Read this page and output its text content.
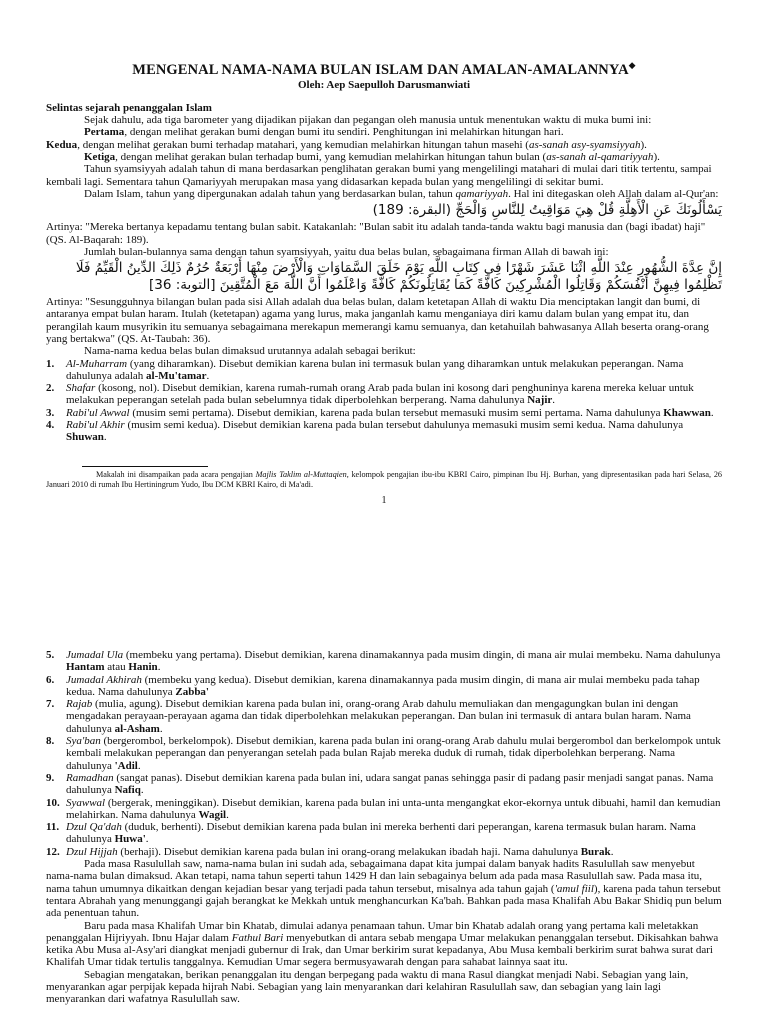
MENGENAL NAMA-NAMA BULAN ISLAM DAN AMALAN-AMALANNYA◆
Oleh: Aep Saepulloh Darusmanwiati

Selintas sejarah penanggalan Islam

Sejak dahulu, ada tiga barometer yang dijadikan pijakan dan pegangan oleh manusia untuk menentukan waktu di muka bumi ini:

Pertama, dengan melihat gerakan bumi dengan bumi itu sendiri. Penghitungan ini melahirkan hitungan hari.

Kedua, dengan melihat gerakan bumi terhadap matahari, yang kemudian melahirkan hitungan tahun masehi (as-sanah asy-syamsiyyah).

Ketiga, dengan melihat gerakan bulan terhadap bumi, yang kemudian melahirkan hitungan tahun bulan (as-sanah al-qamariyyah).

Tahun syamsiyyah adalah tahun di mana berdasarkan penglihatan gerakan bumi yang mengelilingi matahari di mulai dari titik tertentu, sampai kembali lagi. Sementara tahun Qamariyyah merupakan masa yang didasarkan kepada bulan yang mengelilingi di sekitar bumi.

Dalam Islam, tahun yang dipergunakan adalah tahun yang berdasarkan bulan, tahun qamariyyah. Hal ini ditegaskan oleh Allah dalam al-Qur'an:

يَسْأَلُونَكَ عَنِ الْأَهِلَّةِ قُلْ هِيَ مَوَاقِيتُ لِلنَّاسِ وَالْحَجِّ (البقرة: 189)

Artinya: "Mereka bertanya kepadamu tentang bulan sabit. Katakanlah: "Bulan sabit itu adalah tanda-tanda waktu bagi manusia dan (bagi ibadat) haji" (QS. Al-Baqarah: 189).

Jumlah bulan-bulannya sama dengan tahun syamsiyyah, yaitu dua belas bulan, sebagaimana firman Allah di bawah ini:

إِنَّ عِدَّةَ الشُّهُورِ عِنْدَ اللَّهِ اثْنَا عَشَرَ شَهْرًا فِي كِتَابِ اللَّهِ يَوْمَ خَلَقَ السَّمَاوَاتِ وَالْأَرْضَ مِنْهَا أَرْبَعَةٌ حُرُمٌ ذَلِكَ الدِّينُ الْقَيِّمُ فَلَا تَظْلِمُوا فِيهِنَّ أَنْفُسَكُمْ وَقَاتِلُوا الْمُشْرِكِينَ كَافَّةً كَمَا يُقَاتِلُونَكُمْ كَافَّةً وَاعْلَمُوا أَنَّ اللَّهَ مَعَ الْمُتَّقِينَ [التوبة: 36]

Artinya: "Sesungguhnya bilangan bulan pada sisi Allah adalah dua belas bulan, dalam ketetapan Allah di waktu Dia menciptakan langit dan bumi, di antaranya empat bulan haram. Itulah (ketetapan) agama yang lurus, maka janganlah kamu menganiaya diri kamu dalam bulan yang empat itu, dan perangilah kaum musyrikin itu semuanya sebagaimana merekapun memerangi kamu semuanya, dan ketahuilah bahwasanya Allah beserta orang-orang yang bertakwa" (QS. At-Taubah: 36).

Nama-nama kedua belas bulan dimaksud urutannya adalah sebagai berikut:

1. Al-Muharram (yang diharamkan). Disebut demikian karena bulan ini termasuk bulan yang diharamkan untuk melakukan peperangan. Nama dahulunya adalah al-Mu'tamar.
2. Shafar (kosong, nol). Disebut demikian, karena rumah-rumah orang Arab pada bulan ini kosong dari penghuninya karena mereka keluar untuk melakukan peperangan setelah pada bulan sebelumnya tidak diperbolehkan berperang. Nama dahulunya Najir.
3. Rabi'ul Awwal (musim semi pertama). Disebut demikian, karena pada bulan tersebut memasuki musim semi pertama. Nama dahulunya Khawwan.
4. Rabi'ul Akhir (musim semi kedua). Disebut demikian karena pada bulan tersebut dahulunya memasuki musim semi kedua. Nama dahulunya Shuwan.

Makalah ini disampaikan pada acara pengajian Majlis Taklim al-Muttaqien, kelompok pengajian ibu-ibu KBRI Cairo, pimpinan Ibu Hj. Burhan, yang dipresentasikan pada hari Selasa, 26 Januari 2010 di rumah Ibu Hertiningrum Yudo, Ibu DCM KBRI Kairo, di Ma'adi.

1

5. Jumadal Ula (membeku yang pertama). Disebut demikian, karena dinamakannya pada musim dingin, di mana air mulai membeku. Nama dahulunya Hantam atau Hanin.
6. Jumadal Akhirah (membeku yang kedua). Disebut demikian, karena dinamakannya pada musim dingin, di mana air mulai membeku pada tahap kedua. Nama dahulunya Zabba'
7. Rajab (mulia, agung). Disebut demikian karena pada bulan ini, orang-orang Arab dahulu memuliakan dan mengagungkan bulan ini dengan mengadakan perayaan-perayaan agama dan tidak diperbolehkan melakukan peperangan. Dan bulan ini termasuk di antara bulan haram. Nama dahulunya al-Asham.
8. Sya'ban (bergerombol, berkelompok). Disebut demikian, karena pada bulan ini orang-orang Arab dahulu mulai bergerombol dan berkelompok untuk kembali melakukan peperangan dan penyerangan setelah pada bulan Rajab mereka duduk di rumah, tidak diperbolehkan berperang. Nama dahulunya 'Adil.
9. Ramadhan (sangat panas). Disebut demikian karena pada bulan ini, udara sangat panas sehingga pasir di padang pasir menjadi sangat panas. Nama dahulunya Nafiq.
10. Syawwal (bergerak, meninggikan). Disebut demikian, karena pada bulan ini unta-unta mengangkat ekor-ekornya untuk dibuahi, hamil dan kemudian melahirkan. Nama dahulunya Wagil.
11. Dzul Qa'dah (duduk, berhenti). Disebut demikian karena pada bulan ini mereka berhenti dari peperangan, karena termasuk bulan haram. Nama dahulunya Huwa'.
12. Dzul Hijjah (berhaji). Disebut demikian karena pada bulan ini orang-orang melakukan ibadah haji. Nama dahulunya Burak.

Pada masa Rasulullah saw, nama-nama bulan ini sudah ada, sebagaimana dapat kita jumpai dalam banyak hadits Rasulullah saw menyebut nama-nama bulan dimaksud. Akan tetapi, nama tahun seperti tahun 1429 H dan lain sebagainya belum ada pada masa Rasulullah saw. Pada masa itu, nama tahun umumnya dikaitkan dengan kejadian besar yang terjadi pada tahun tersebut, misalnya ada tahun gajah ('amul fiil), karena pada tahun tersebut tentara Abrahah yang menunggangi gajah berangkat ke Mekkah untuk menghancurkan Ka'bah. Bahkan pada masa Khalifah Abu Bakar Shidiq pun belum ada penentuan tahun.

Baru pada masa Khalifah Umar bin Khatab, dimulai adanya penamaan tahun. Umar bin Khatab adalah orang yang pertama kali meletakkan penanggalan Hijriyyah. Ibnu Hajar dalam Fathul Bari menyebutkan di antara sebab mengapa Umar melakukan penanggalan tersebut. Dikisahkan bahwa ketika Abu Musa al-Asy'ari diangkat menjadi gubernur di Irak, dan Umar berkirim surat kepadanya, Abu Musa kembali berkirim surat bahwa surat dari Khalifah Umar tidak tertulis tanggalnya. Kemudian Umar segera bermusyawarah dengan para sahabat lainnya saat itu.

Sebagian mengatakan, berikan penanggalan itu dengan berpegang pada waktu di mana Rasul diangkat menjadi Nabi. Sebagian yang lain, menyarankan agar perpijak kepada hijrah Nabi. Sebagian yang lain menyarankan dari kelahiran Rasulullah saw, dan sebagian yang lain lagi menyarankan dari wafatnya Rasulullah saw.
